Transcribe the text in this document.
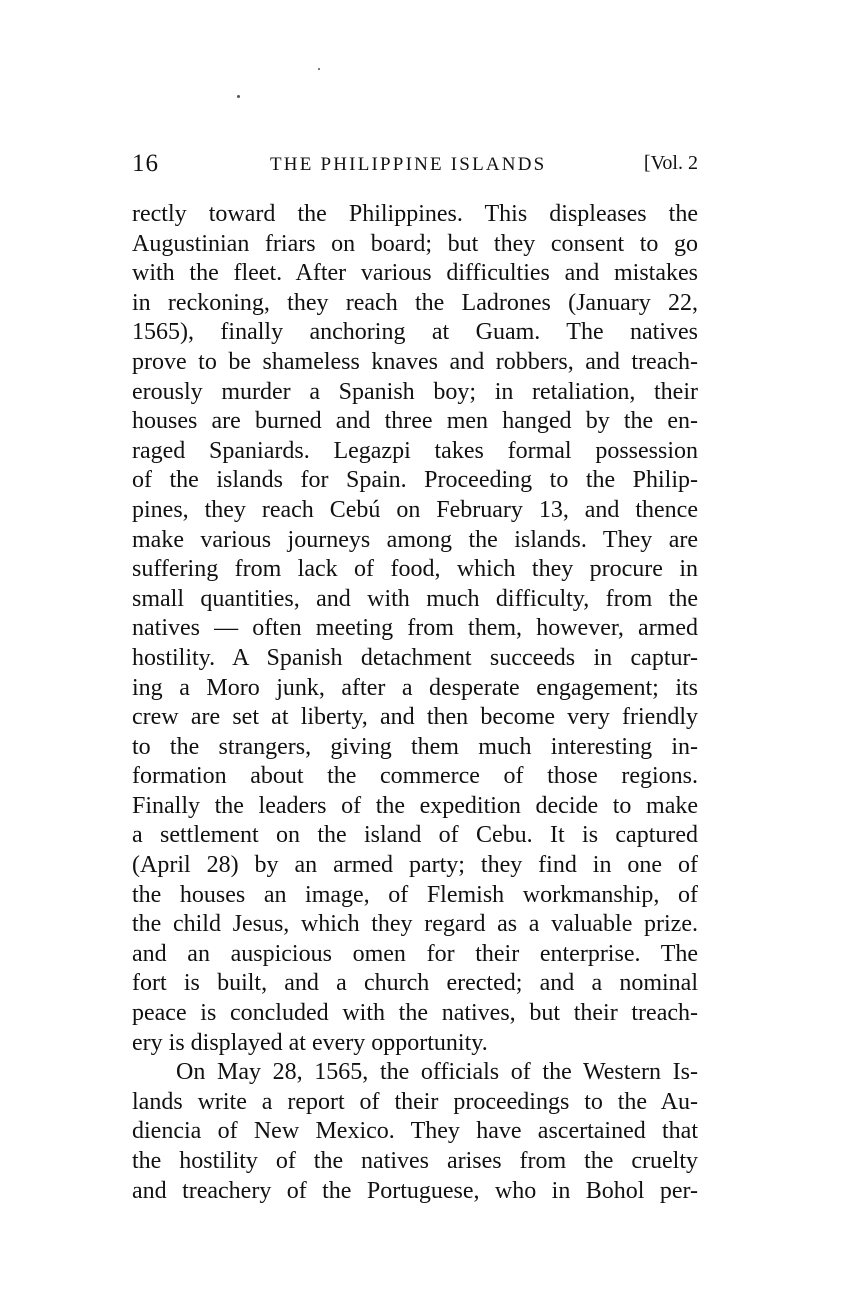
16	THE PHILIPPINE ISLANDS	[Vol. 2
rectly toward the Philippines. This displeases the
Augustinian friars on board; but they consent to go
with the fleet. After various difficulties and mistakes
in reckoning, they reach the Ladrones (January 22,
1565), finally anchoring at Guam. The natives
prove to be shameless knaves and robbers, and treach-
erously murder a Spanish boy; in retaliation, their
houses are burned and three men hanged by the en-
raged Spaniards. Legazpi takes formal possession
of the islands for Spain. Proceeding to the Philip-
pines, they reach Cebú on February 13, and thence
make various journeys among the islands. They are
suffering from lack of food, which they procure in
small quantities, and with much difficulty, from the
natives — often meeting from them, however, armed
hostility. A Spanish detachment succeeds in captur-
ing a Moro junk, after a desperate engagement; its
crew are set at liberty, and then become very friendly
to the strangers, giving them much interesting in-
formation about the commerce of those regions.
Finally the leaders of the expedition decide to make
a settlement on the island of Cebu. It is captured
(April 28) by an armed party; they find in one of
the houses an image, of Flemish workmanship, of
the child Jesus, which they regard as a valuable prize.
and an auspicious omen for their enterprise. The
fort is built, and a church erected; and a nominal
peace is concluded with the natives, but their treach-
ery is displayed at every opportunity.
On May 28, 1565, the officials of the Western Is-
lands write a report of their proceedings to the Au-
diencia of New Mexico. They have ascertained that
the hostility of the natives arises from the cruelty
and treachery of the Portuguese, who in Bohol per-
